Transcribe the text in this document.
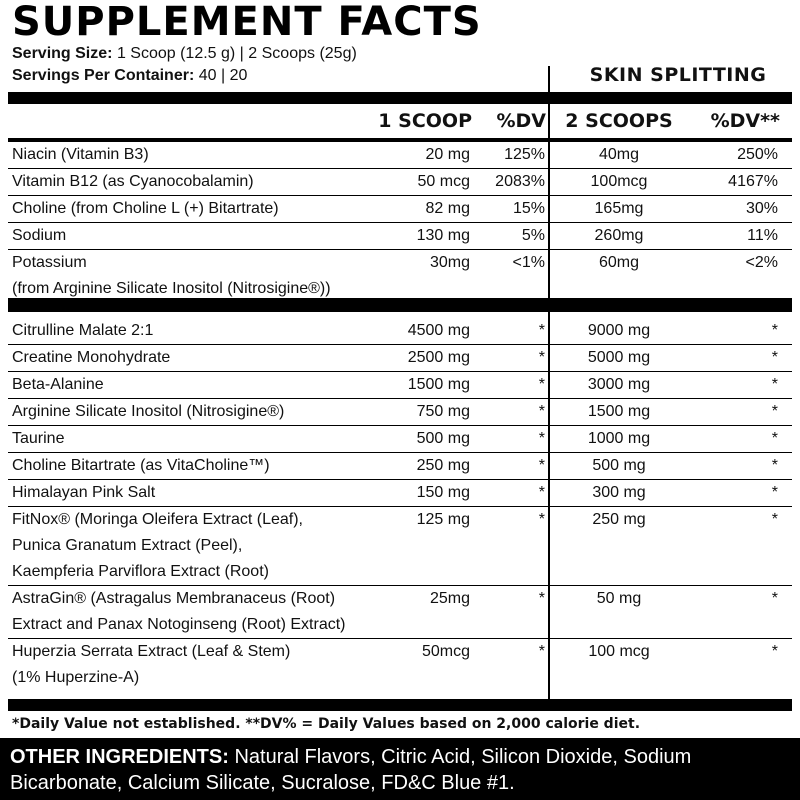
SUPPLEMENT FACTS
Serving Size: 1 Scoop (12.5 g) | 2 Scoops (25g)
Servings Per Container: 40 | 20	SKIN SPLITTING
1 SCOOP %DV	2 SCOOPS	%DV**
Niacin (Vitamin B3)	20 mg 125%	40mg	250%
Vitamin B12 (as Cyanocobalamin)	50 mcg 2083%	100mcg	4167%
Choline (from Choline L (+) Bitartrate)	82 mg	15%	165mg	30%
Sodium	130 mg	5%	260mg	11%
Potassium
(from Arginine Silicate Inositol (Nitrosigine®))
30mg	<1%	60mg	<2%
Citrulline Malate 2:1	4500 mg	*	9000 mg	*
Creatine Monohydrate	2500 mg	*	5000 mg	*
Beta-Alanine	1500 mg	*	3000 mg	*
Arginine Silicate Inositol (Nitrosigine®)	750 mg	*	1500 mg	*
Taurine	500 mg	*	1000 mg	*
Choline Bitartrate (as VitaCholine™)	250 mg	*	500 mg	*
Himalayan Pink Salt	150 mg	*	300 mg	*
FitNox® (Moringa Oleifera Extract (Leaf),
Punica Granatum Extract (Peel),
Kaempferia Parviflora Extract (Root)
125 mg	*	250 mg	*
AstraGin® (Astragalus Membranaceus (Root)
Extract and Panax Notoginseng (Root) Extract)
25mg	*	50 mg	*
Huperzia Serrata Extract (Leaf & Stem)
(1% Huperzine-A)
50mcg	*	100 mcg	*
*Daily Value not established. **DV% = Daily Values based on 2,000 calorie diet.
OTHER INGREDIENTS: Natural Flavors, Citric Acid, Silicon Dioxide, Sodium Bicarbonate, Calcium Silicate, Sucralose, FD&C Blue #1.
